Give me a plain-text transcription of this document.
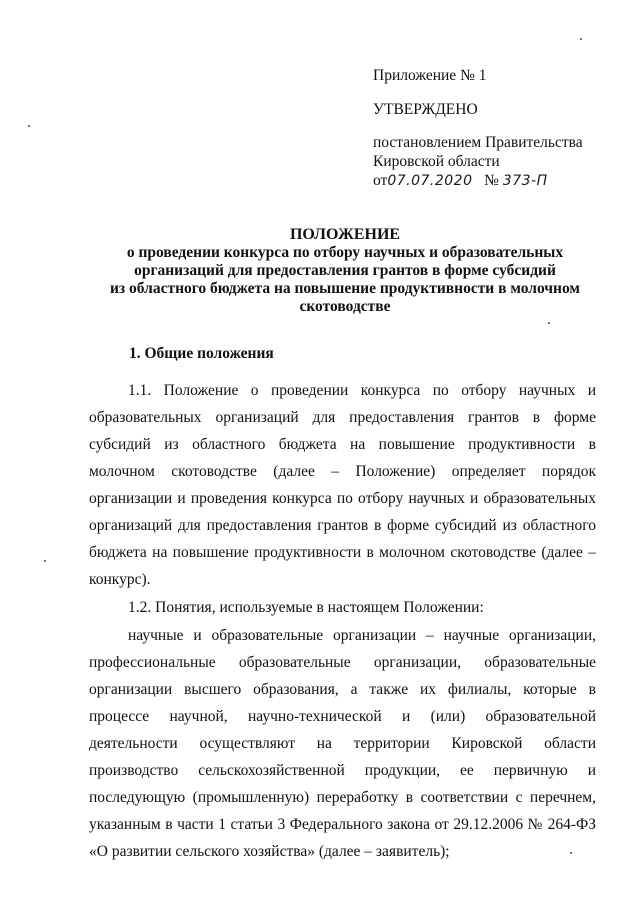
Приложение № 1
УТВЕРЖДЕНО
постановлением Правительства
Кировской области
от07.07.2020 № 373-П
ПОЛОЖЕНИЕ
о проведении конкурса по отбору научных и образовательных
организаций для предоставления грантов в форме субсидий
из областного бюджета на повышение продуктивности в молочном
скотоводстве
1. Общие положения

1.1. Положение о проведении конкурса по отбору научных и образовательных организаций для предоставления грантов в форме субсидий из областного бюджета на повышение продуктивности в молочном скотоводстве (далее – Положение) определяет порядок организации и проведения конкурса по отбору научных и образовательных организаций для предоставления грантов в форме субсидий из областного бюджета на повышение продуктивности в молочном скотоводстве (далее – конкурс).

1.2. Понятия, используемые в настоящем Положении:

научные и образовательные организации – научные организации, профессиональные образовательные организации, образовательные организации высшего образования, а также их филиалы, которые в процессе научной, научно-технической и (или) образовательной деятельности осуществляют на территории Кировской области производство сельскохозяйственной продукции, ее первичную и последующую (промышленную) переработку в соответствии с перечнем, указанным в части 1 статьи 3 Федерального закона от 29.12.2006 № 264-ФЗ «О развитии сельского хозяйства» (далее – заявитель);
